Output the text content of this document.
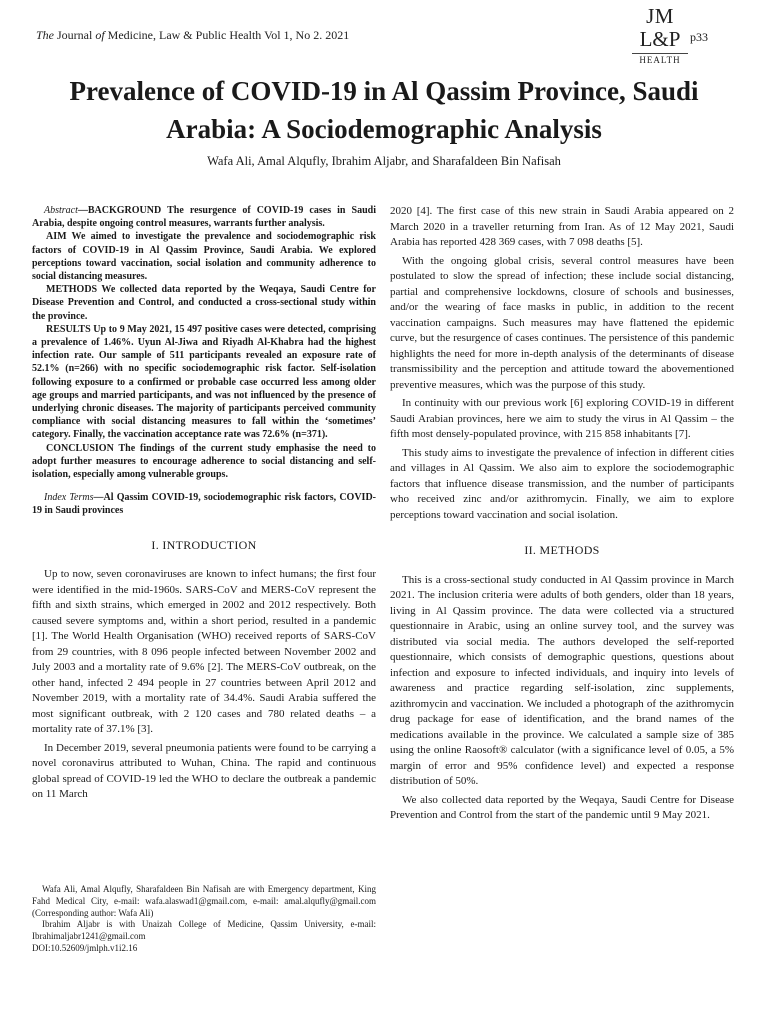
The Journal of Medicine, Law & Public Health Vol 1, No 2. 2021
JM
L&P
HEALTH
p33
Prevalence of COVID-19 in Al Qassim Province, Saudi Arabia: A Sociodemographic Analysis
Wafa Ali, Amal Alqufly, Ibrahim Aljabr, and Sharafaldeen Bin Nafisah

Abstract—BACKGROUND The resurgence of COVID-19 cases in Saudi Arabia, despite ongoing control measures, warrants further analysis.

AIM We aimed to investigate the prevalence and sociodemographic risk factors of COVID-19 in Al Qassim Province, Saudi Arabia. We explored perceptions toward vaccination, social isolation and community adherence to social distancing measures.

METHODS We collected data reported by the Weqaya, Saudi Centre for Disease Prevention and Control, and conducted a cross-sectional study within the province.

RESULTS Up to 9 May 2021, 15 497 positive cases were detected, comprising a prevalence of 1.46%. Uyun Al-Jiwa and Riyadh Al-Khabra had the highest infection rate. Our sample of 511 participants revealed an exposure rate of 52.1% (n=266) with no specific sociodemographic risk factor. Self-isolation following exposure to a confirmed or probable case occurred less among older age groups and married participants, and was not influenced by the presence of underlying chronic diseases. The majority of participants perceived community compliance with social distancing measures to fall within the ‘sometimes’ category. Finally, the vaccination acceptance rate was 72.6% (n=371).

CONCLUSION The findings of the current study emphasise the need to adopt further measures to encourage adherence to social distancing and self-isolation, especially among vulnerable groups.

Index Terms—Al Qassim COVID-19, sociodemographic risk factors, COVID-19 in Saudi provinces
I. INTRODUCTION

Up to now, seven coronaviruses are known to infect humans; the first four were identified in the mid-1960s. SARS-CoV and MERS-CoV represent the fifth and sixth strains, which emerged in 2002 and 2012 respectively. Both caused severe symptoms and, within a short period, resulted in a pandemic [1]. The World Health Organisation (WHO) received reports of SARS-CoV from 29 countries, with 8 096 people infected between November 2002 and July 2003 and a mortality rate of 9.6% [2]. The MERS-CoV outbreak, on the other hand, infected 2 494 people in 27 countries between April 2012 and November 2019, with a mortality rate of 34.4%. Saudi Arabia suffered the most significant outbreak, with 2 120 cases and 780 related deaths – a mortality rate of 37.1% [3].

In December 2019, several pneumonia patients were found to be carrying a novel coronavirus attributed to Wuhan, China. The rapid and continuous global spread of COVID-19 led the WHO to declare the outbreak a pandemic on 11 March

Wafa Ali, Amal Alqufly, Sharafaldeen Bin Nafisah are with Emergency department, King Fahd Medical City, e-mail: wafa.alaswad1@gmail.com, e-mail: amal.alqufly@gmail.com (Corresponding author: Wafa Ali)

Ibrahim Aljabr is with Unaizah College of Medicine, Qassim University, e-mail: Ibrahimaljabr1241@gmail.com

DOI:10.52609/jmlph.v1i2.16

2020 [4]. The first case of this new strain in Saudi Arabia appeared on 2 March 2020 in a traveller returning from Iran. As of 12 May 2021, Saudi Arabia has reported 428 369 cases, with 7 098 deaths [5].

With the ongoing global crisis, several control measures have been postulated to slow the spread of infection; these include social distancing, partial and comprehensive lockdowns, closure of schools and businesses, and/or the wearing of face masks in public, in addition to the recent vaccination campaigns. Such measures may have flattened the epidemic curve, but the resurgence of cases continues. The persistence of this pandemic highlights the need for more in-depth analysis of the determinants of disease transmissibility and the perception and attitude toward the abovementioned preventive measures, which was the purpose of this study.

In continuity with our previous work [6] exploring COVID-19 in different Saudi Arabian provinces, here we aim to study the virus in Al Qassim – the fifth most densely-populated province, with 215 858 inhabitants [7].

This study aims to investigate the prevalence of infection in different cities and villages in Al Qassim. We also aim to explore the sociodemographic factors that influence disease transmission, and the number of participants who received zinc and/or azithromycin. Finally, we aim to explore perceptions toward vaccination and social isolation.

II. METHODS

This is a cross-sectional study conducted in Al Qassim province in March 2021. The inclusion criteria were adults of both genders, older than 18 years, living in Al Qassim province. The data were collected via a structured questionnaire in Arabic, using an online survey tool, and the survey was distributed via social media. The authors developed the self-reported questionnaire, which consists of demographic questions, questions about infection and exposure to infected individuals, and inquiry into levels of awareness and practice regarding self-isolation, zinc supplements, azithromycin and vaccination. We included a photograph of the azithromycin drug package for ease of identification, and the brand names of the medications available in the province. We calculated a sample size of 385 using the online Raosoft® calculator (with a significance level of 0.05, a 5% margin of error and 95% confidence level) and expected a response distribution of 50%.

We also collected data reported by the Weqaya, Saudi Centre for Disease Prevention and Control from the start of the pandemic until 9 May 2021.
